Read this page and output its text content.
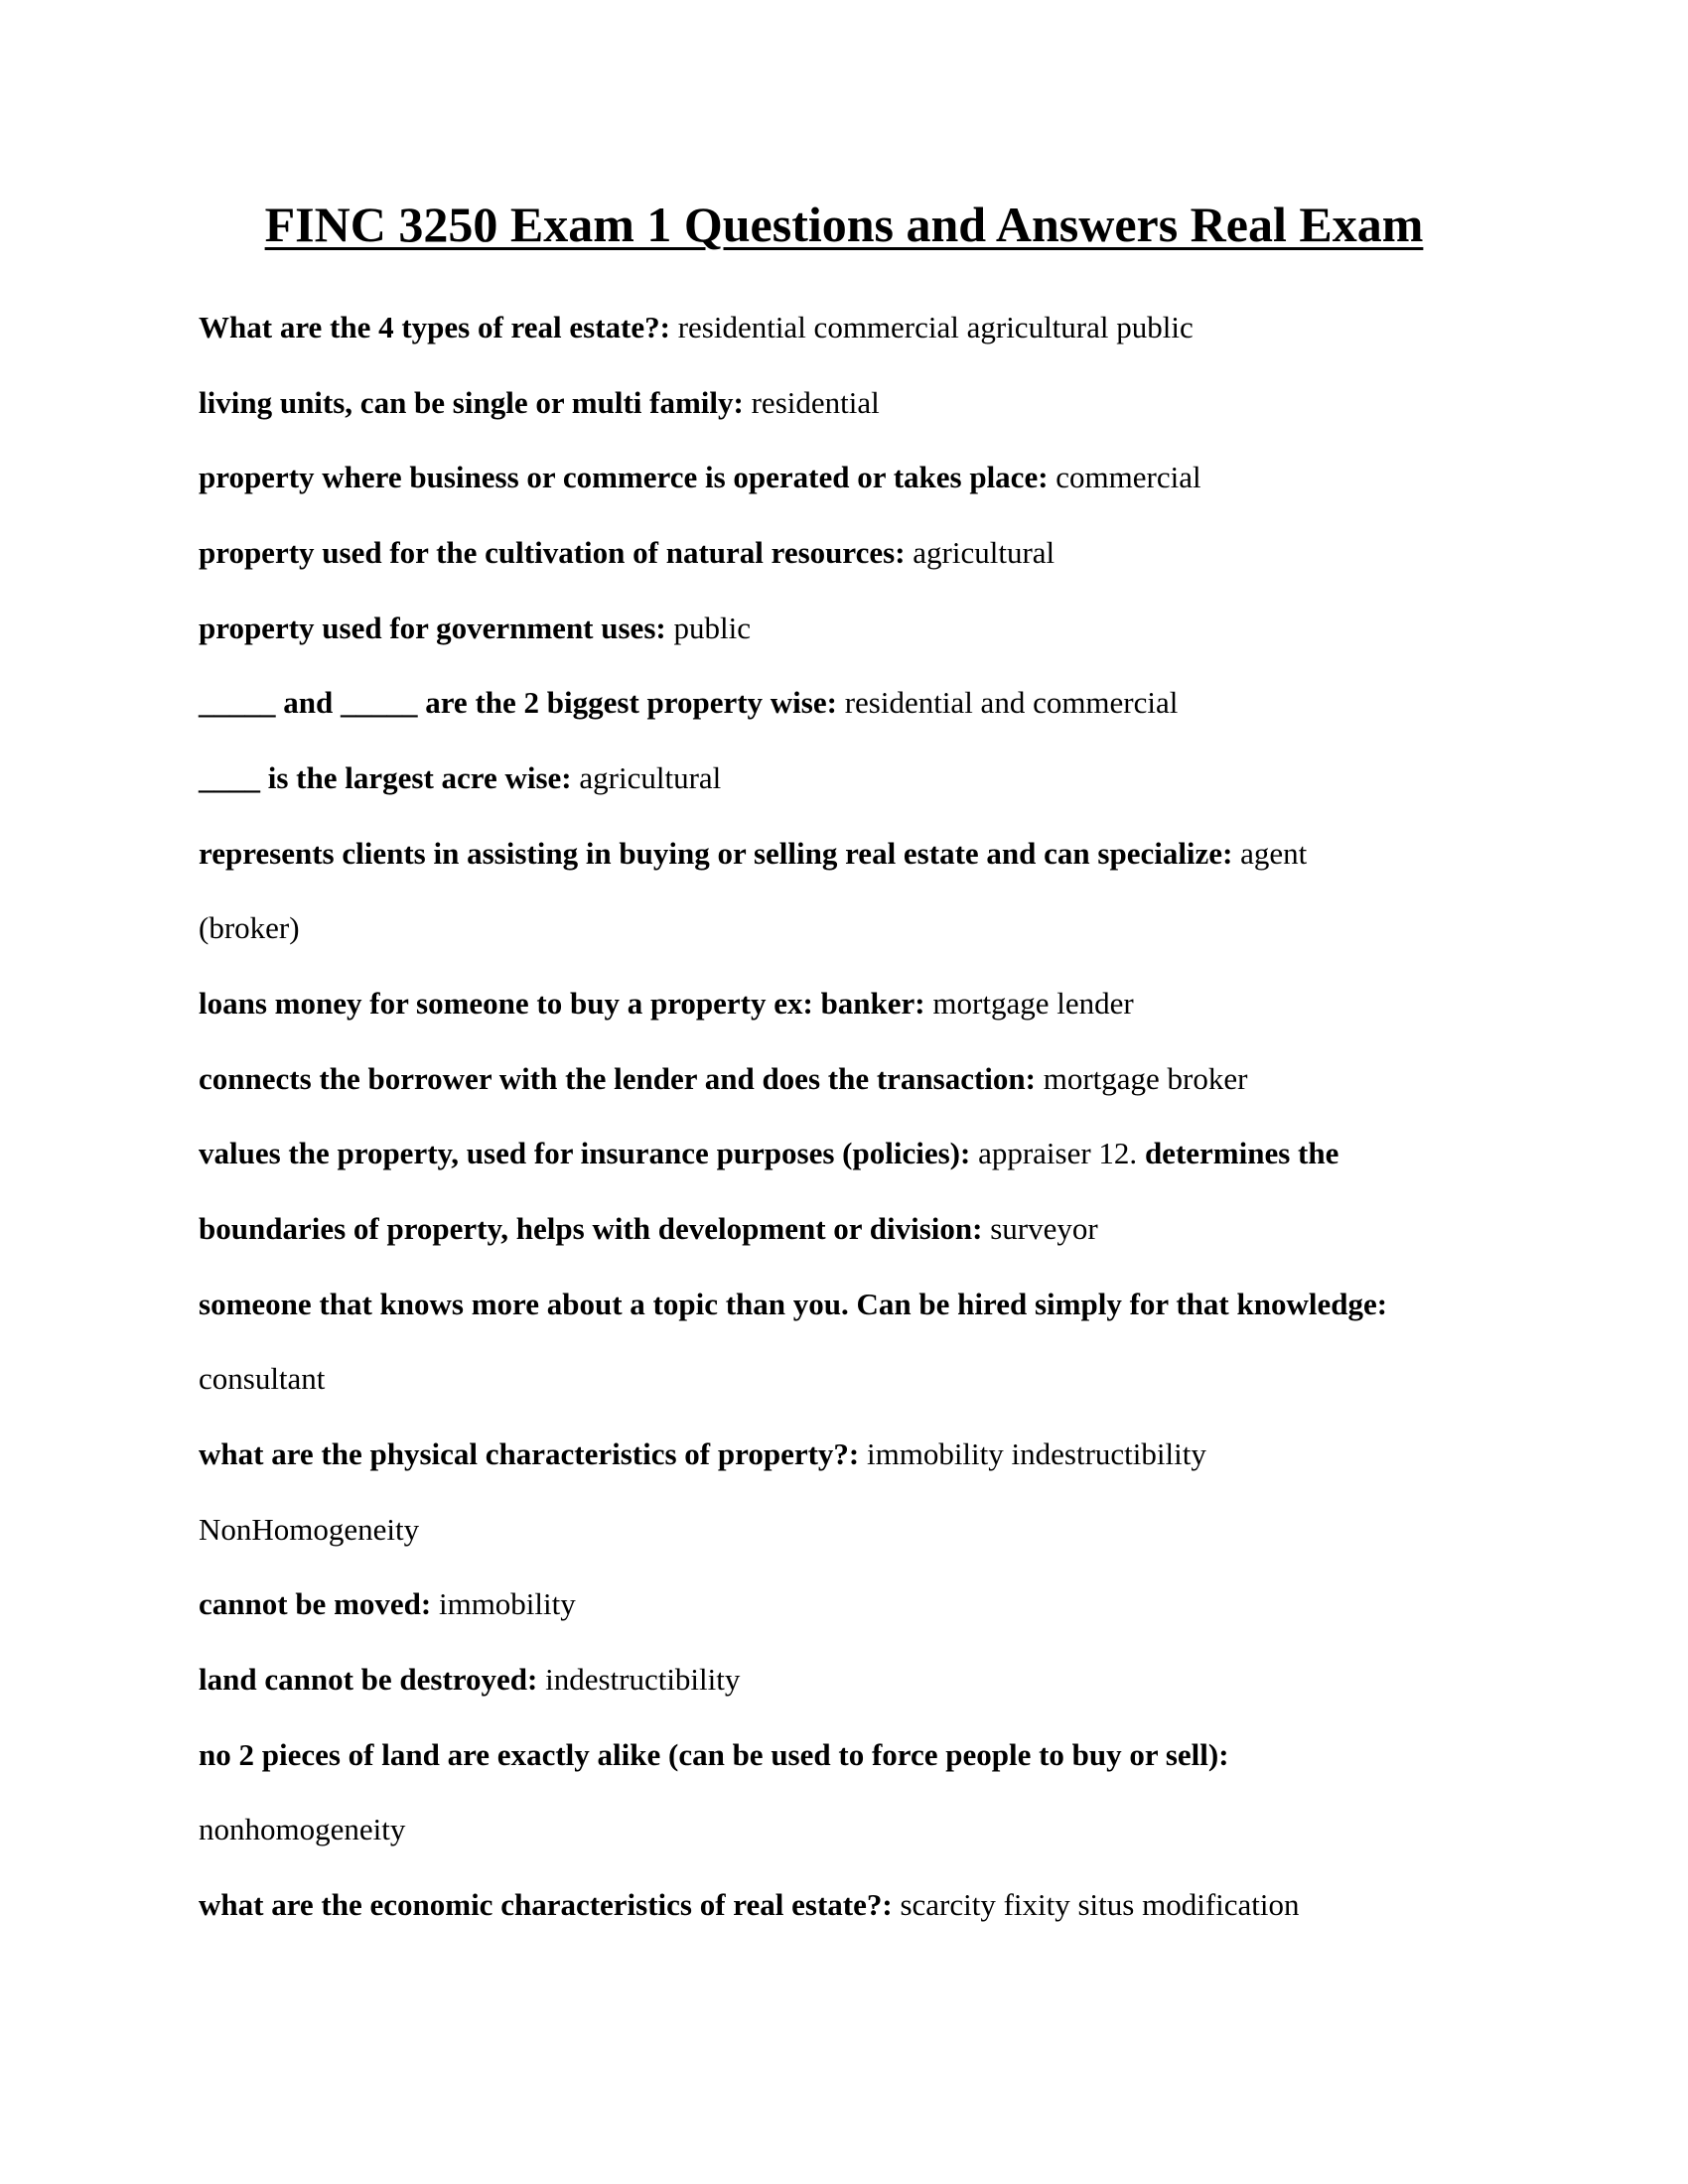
FINC 3250 Exam 1 Questions and Answers Real Exam
What are the 4 types of real estate?: residential commercial agricultural public
living units, can be single or multi family: residential
property where business or commerce is operated or takes place: commercial
property used for the cultivation of natural resources: agricultural
property used for government uses: public
_____ and _____ are the 2 biggest property wise: residential and commercial
____ is the largest acre wise: agricultural
represents clients in assisting in buying or selling real estate and can specialize: agent
(broker)
loans money for someone to buy a property ex: banker: mortgage lender
connects the borrower with the lender and does the transaction: mortgage broker
values the property, used for insurance purposes (policies): appraiser 12. determines the
boundaries of property, helps with development or division: surveyor
someone that knows more about a topic than you. Can be hired simply for that knowledge:
consultant
what are the physical characteristics of property?: immobility indestructibility
NonHomogeneity
cannot be moved: immobility
land cannot be destroyed: indestructibility
no 2 pieces of land are exactly alike (can be used to force people to buy or sell):
nonhomogeneity
what are the economic characteristics of real estate?: scarcity fixity situs modification
